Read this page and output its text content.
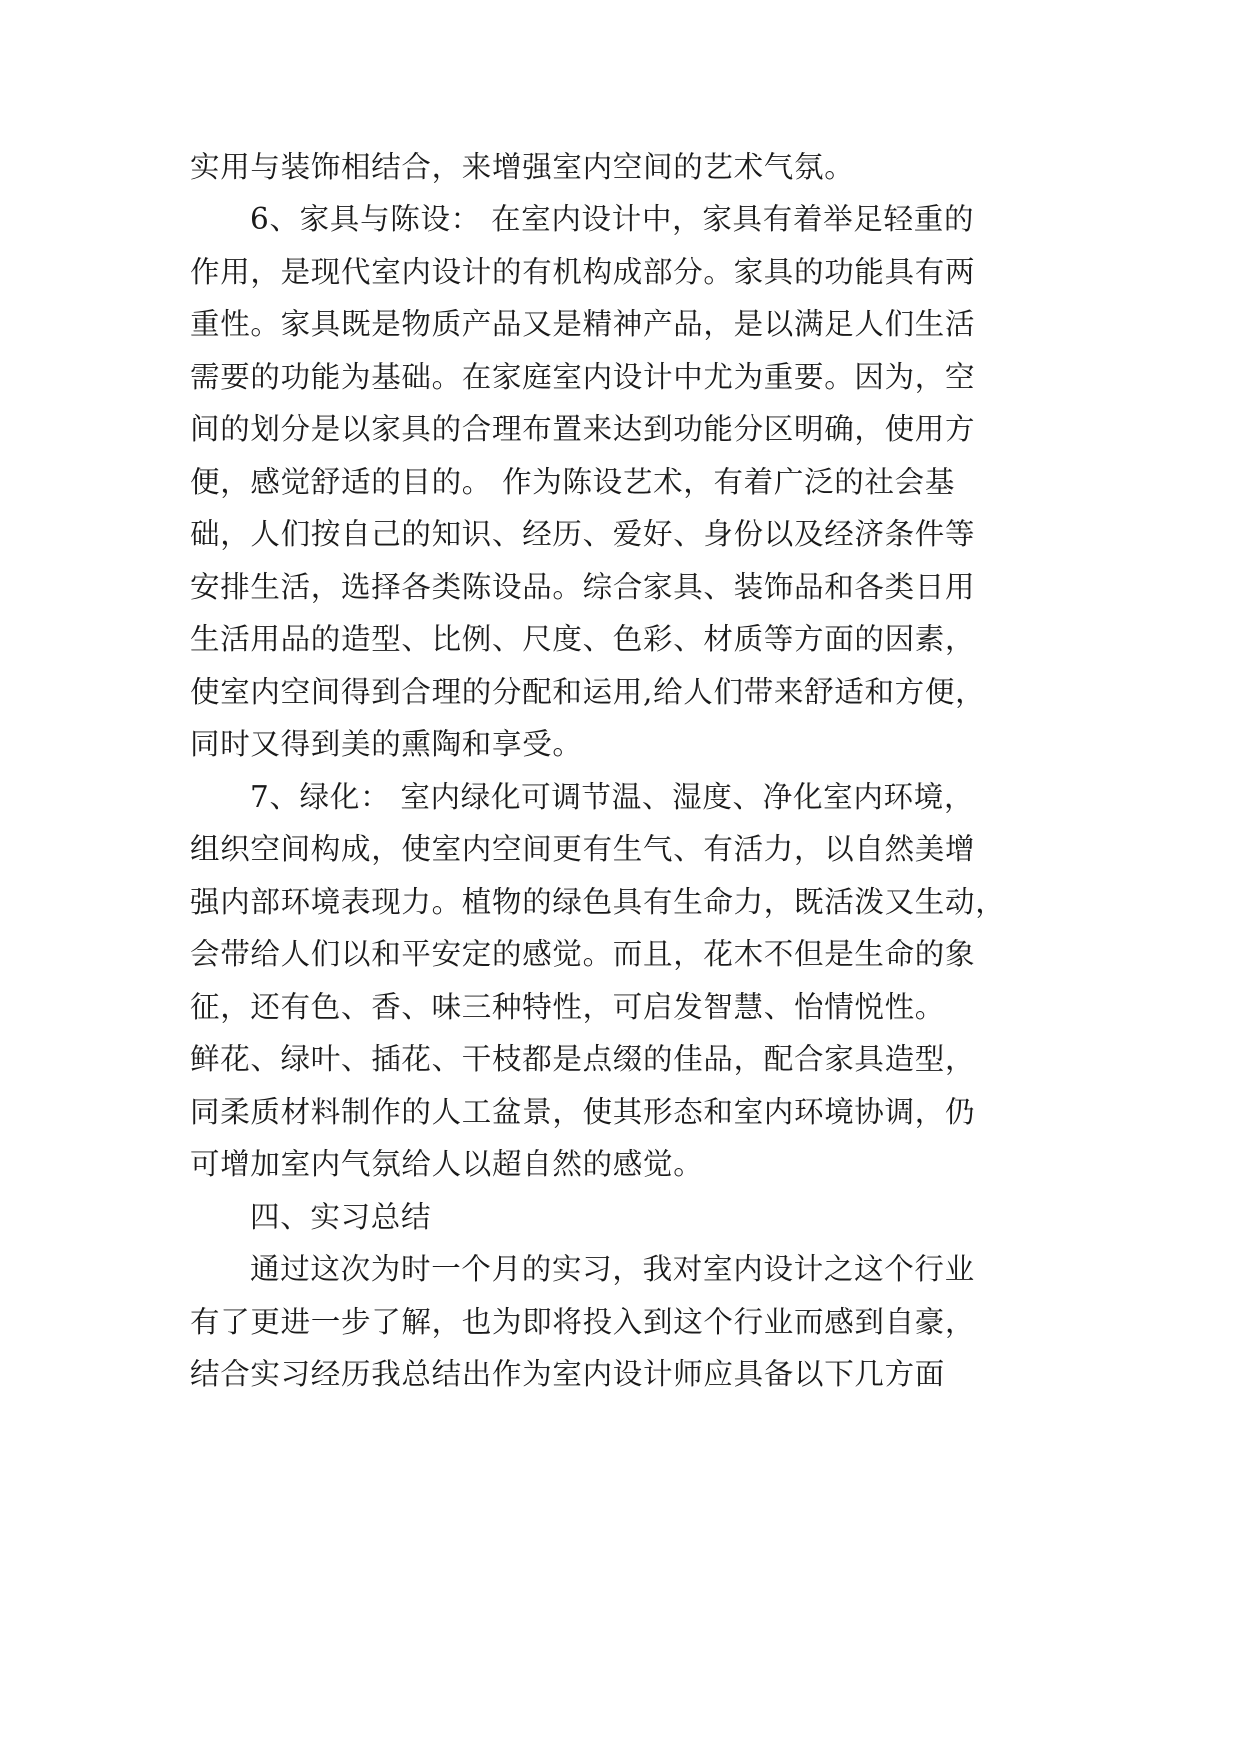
实用与装饰相结合，来增强室内空间的艺术气氛。
6、家具与陈设： 在室内设计中，家具有着举足轻重的
作用，是现代室内设计的有机构成部分。家具的功能具有两
重性。家具既是物质产品又是精神产品，是以满足人们生活
需要的功能为基础。在家庭室内设计中尤为重要。因为，空
间的划分是以家具的合理布置来达到功能分区明确，使用方
便，感觉舒适的目的。 作为陈设艺术，有着广泛的社会基
础，人们按自己的知识、经历、爱好、身份以及经济条件等
安排生活，选择各类陈设品。综合家具、装饰品和各类日用
生活用品的造型、比例、尺度、色彩、材质等方面的因素，
使室内空间得到合理的分配和运用,给人们带来舒适和方便，
同时又得到美的熏陶和享受。
7、绿化： 室内绿化可调节温、湿度、净化室内环境，
组织空间构成，使室内空间更有生气、有活力，以自然美增
强内部环境表现力。植物的绿色具有生命力，既活泼又生动，
会带给人们以和平安定的感觉。而且，花木不但是生命的象
征，还有色、香、味三种特性，可启发智慧、怡情悦性。
鲜花、绿叶、插花、干枝都是点缀的佳品，配合家具造型，
同柔质材料制作的人工盆景，使其形态和室内环境协调，仍
可增加室内气氛给人以超自然的感觉。
四、实习总结
通过这次为时一个月的实习，我对室内设计之这个行业
有了更进一步了解，也为即将投入到这个行业而感到自豪，
结合实习经历我总结出作为室内设计师应具备以下几方面
